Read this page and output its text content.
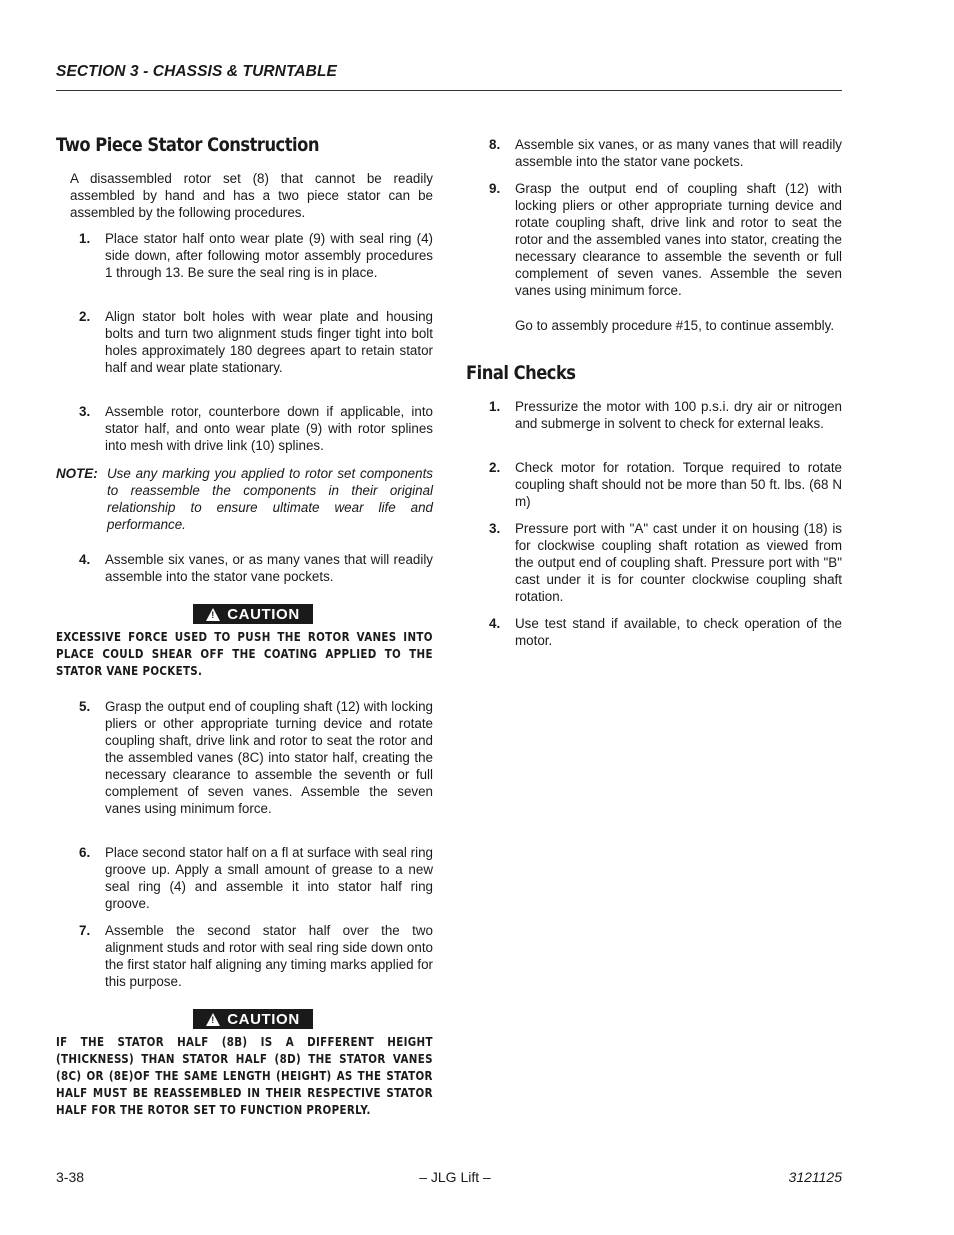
SECTION 3 - CHASSIS & TURNTABLE
Two Piece Stator Construction

A disassembled rotor set (8) that cannot be readily assembled by hand and has a two piece stator can be assembled by the following procedures.

1. Place stator half onto wear plate (9) with seal ring (4) side down, after following motor assembly procedures 1 through 13. Be sure the seal ring is in place.

2. Align stator bolt holes with wear plate and housing bolts and turn two alignment studs finger tight into bolt holes approximately 180 degrees apart to retain stator half and wear plate stationary.

3. Assemble rotor, counterbore down if applicable, into stator half, and onto wear plate (9) with rotor splines into mesh with drive link (10) splines.

NOTE: Use any marking you applied to rotor set components to reassemble the components in their original relationship to ensure ultimate wear life and performance.

4. Assemble six vanes, or as many vanes that will readily assemble into the stator vane pockets.

! CAUTION

EXCESSIVE FORCE USED TO PUSH THE ROTOR VANES INTO PLACE COULD SHEAR OFF THE COATING APPLIED TO THE STATOR VANE POCKETS.

5. Grasp the output end of coupling shaft (12) with locking pliers or other appropriate turning device and rotate coupling shaft, drive link and rotor to seat the rotor and the assembled vanes (8C) into stator half, creating the necessary clearance to assemble the seventh or full complement of seven vanes. Assemble the seven vanes using minimum force.

6. Place second stator half on a fl at surface with seal ring groove up. Apply a small amount of grease to a new seal ring (4) and assemble it into stator half ring groove.

7. Assemble the second stator half over the two alignment studs and rotor with seal ring side down onto the first stator half aligning any timing marks applied for this purpose.

! CAUTION

IF THE STATOR HALF (8B) IS A DIFFERENT HEIGHT (THICKNESS) THAN STATOR HALF (8D) THE STATOR VANES (8C) OR (8E)OF THE SAME LENGTH (HEIGHT) AS THE STATOR HALF MUST BE REASSEMBLED IN THEIR RESPECTIVE STATOR HALF FOR THE ROTOR SET TO FUNCTION PROPERLY.

8. Assemble six vanes, or as many vanes that will readily assemble into the stator vane pockets.

9. Grasp the output end of coupling shaft (12) with locking pliers or other appropriate turning device and rotate coupling shaft, drive link and rotor to seat the rotor and the assembled vanes into stator, creating the necessary clearance to assemble the seventh or full complement of seven vanes. Assemble the seven vanes using minimum force.

Go to assembly procedure #15, to continue assembly.

Final Checks
1. Pressurize the motor with 100 p.s.i. dry air or nitrogen and submerge in solvent to check for external leaks.

2. Check motor for rotation. Torque required to rotate coupling shaft should not be more than 50 ft. lbs. (68 N m)

3. Pressure port with "A" cast under it on housing (18) is for clockwise coupling shaft rotation as viewed from the output end of coupling shaft. Pressure port with "B" cast under it is for counter clockwise coupling shaft rotation.

4. Use test stand if available, to check operation of the motor.

3-38	– JLG Lift –	3121125
